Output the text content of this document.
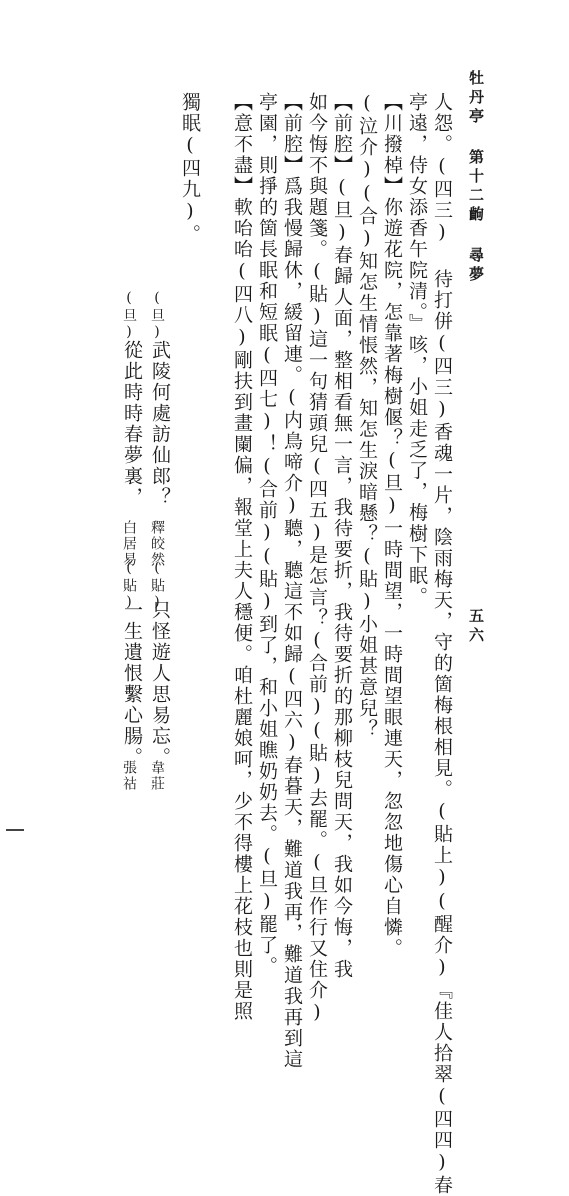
牡丹亭 第十二齣 尋夢
五六
人怨。(四三) 待打併(四三)香魂一片，陰雨梅天，守的箇梅根相見。(貼上)(醒介)『佳人拾翠(四四)春
亭遠，侍女添香午院清。』咳，小姐走乏了，梅樹下眠。
【川撥棹】你遊花院，怎靠著梅樹偃？(旦)一時間望，一時間望眼連天，忽忽地傷心自憐。
(泣介)(合)知怎生情悵然，知怎生淚暗懸？(貼)小姐甚意兒？
【前腔】(旦)春歸人面，整相看無一言，我待要折，我待要折的那柳枝兒問天，我如今悔，我
如今悔不與題箋。(貼)這一句猜頭兒(四五)是怎言？(合前)(貼)去罷。(旦作行又住介)
【前腔】爲我慢歸休，緩留連。(内鳥啼介)聽，聽這不如歸(四六)春暮天，難道我再，難道我再到這
亭園，則掙的箇長眠和短眠(四七)！(合前)(貼)到了，和小姐瞧奶奶去。(旦)罷了。
【意不盡】軟咍咍(四八)剛扶到畫闌偏，報堂上夫人穩便。咱杜麗娘呵，少不得樓上花枝也則是照
獨眠(四九)。
(旦)
武陵何處訪仙郎？
釋皎然
(貼)
只怪遊人思易忘。
韋莊
(旦)
從此時時春夢裏，
白居易
(貼)
一生遺恨繫心腸。
張祜
